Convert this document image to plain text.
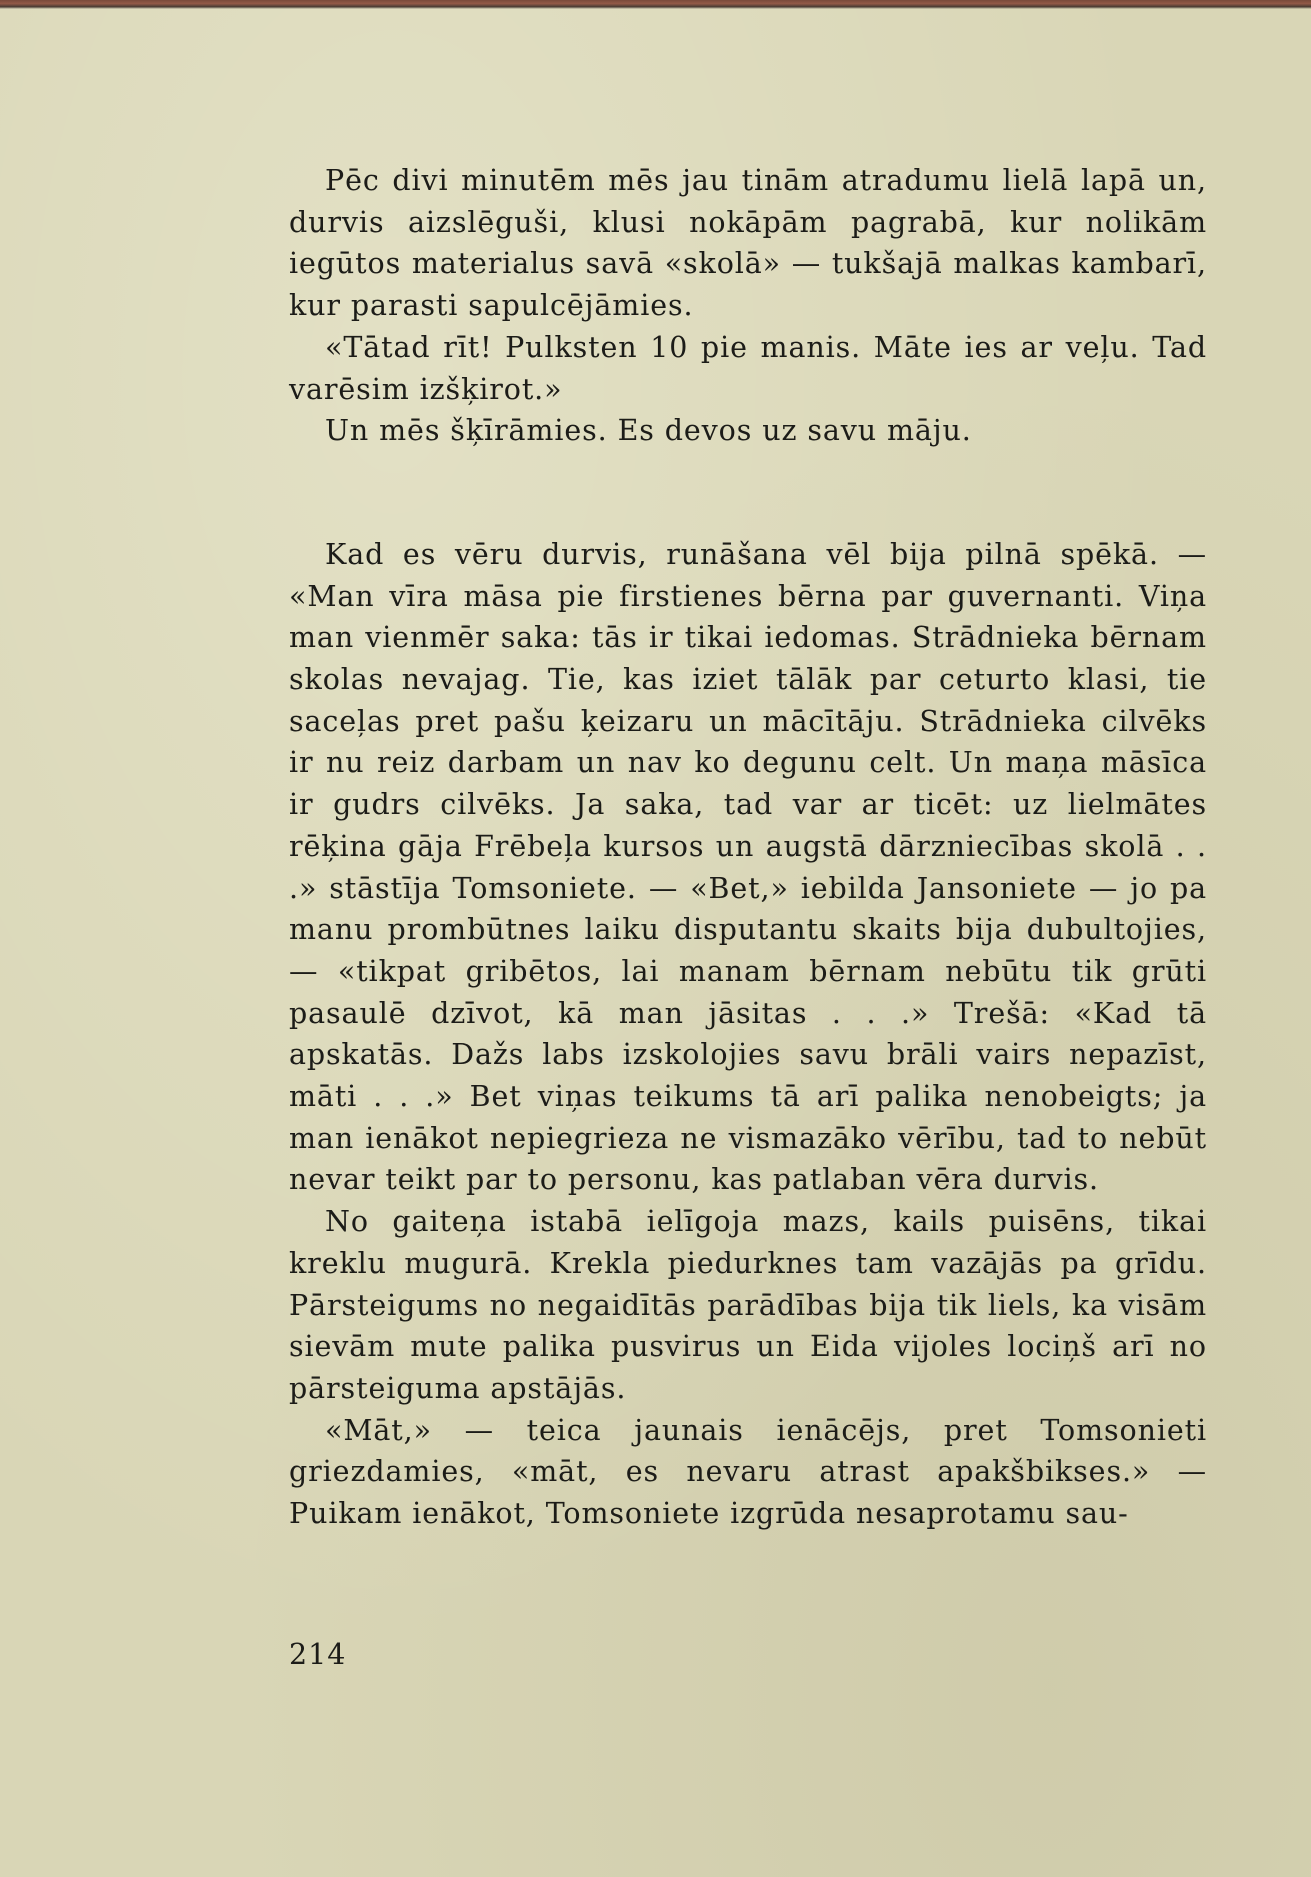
Pēc divi minutēm mēs jau tinām atradumu lielā lapā un, durvis aizslēguši, klusi nokāpām pagrabā, kur nolikām iegūtos materialus savā «skolā» — tukšajā malkas kambarī, kur parasti sapulcējāmies.

«Tātad rīt! Pulksten 10 pie manis. Māte ies ar veļu. Tad varēsim izšķirot.»

Un mēs šķīrāmies. Es devos uz savu māju.

Kad es vēru durvis, runāšana vēl bija pilnā spēkā. — «Man vīra māsa pie firstienes bērna par guvernanti. Viņa man vienmēr saka: tās ir tikai iedomas. Strādnieka bērnam skolas nevajag. Tie, kas iziet tālāk par ceturto klasi, tie saceļas pret pašu ķeizaru un mācītāju. Strādnieka cilvēks ir nu reiz darbam un nav ko degunu celt. Un maņa māsīca ir gudrs cilvēks. Ja saka, tad var ar ticēt: uz lielmātes rēķina gāja Frēbeļa kursos un augstā dārzniecības skolā . . .» stāstīja Tomsoniete. — «Bet,» iebilda Jansoniete — jo pa manu prombūtnes laiku disputantu skaits bija dubultojies, — «tikpat gribētos, lai manam bērnam nebūtu tik grūti pasaulē dzīvot, kā man jāsitas . . .» Trešā: «Kad tā apskatās. Dažs labs izskolojies savu brāli vairs nepazīst, māti . . .» Bet viņas teikums tā arī palika nenobeigts; ja man ienākot nepiegrieza ne vismazāko vērību, tad to nebūt nevar teikt par to personu, kas patlaban vēra durvis.

No gaiteņa istabā ielīgoja mazs, kails puisēns, tikai kreklu mugurā. Krekla piedurknes tam vazājās pa grīdu. Pārsteigums no negaidītās parādības bija tik liels, ka visām sievām mute palika pusvirus un Eida vijoles lociņš arī no pārsteiguma apstājās.

«Māt,» — teica jaunais ienācējs, pret Tomsonieti griezdamies, «māt, es nevaru atrast apakšbikses.» — Puikam ienākot, Tomsoniete izgrūda nesaprotamu sau-

214
